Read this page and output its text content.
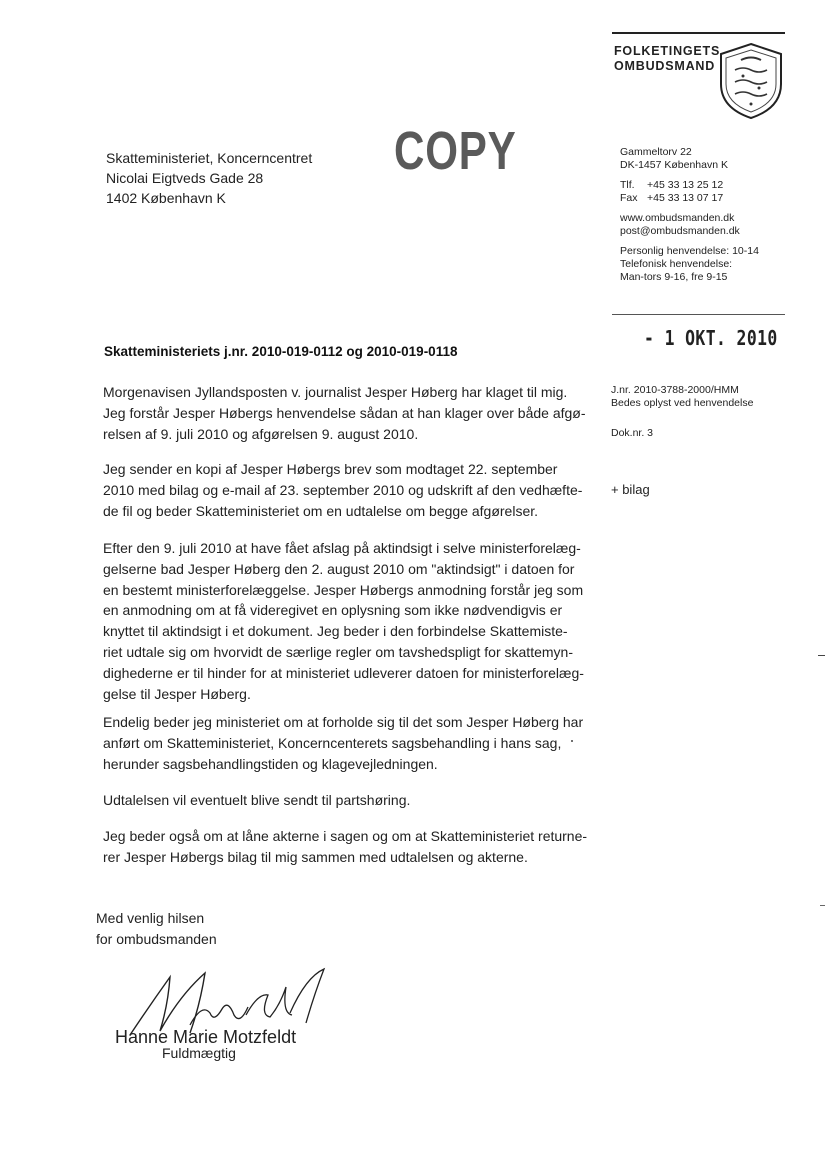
FOLKETINGETS
OMBUDSMAND
Gammeltorv 22
DK-1457 København K
Tlf. +45 33 13 25 12
Fax +45 33 13 07 17
www.ombudsmanden.dk
post@ombudsmanden.dk
Personlig henvendelse: 10-14
Telefonisk henvendelse:
Man-tors 9-16, fre 9-15
- 1 OKT. 2010
J.nr. 2010-3788-2000/HMM
Bedes oplyst ved henvendelse
Dok.nr. 3
+ bilag
Skatteministeriet, Koncerncentret
Nicolai Eigtveds Gade 28
1402 København K
COPY
Skatteministeriets j.nr. 2010-019-0112 og 2010-019-0118
Morgenavisen Jyllandsposten v. journalist Jesper Høberg har klaget til mig.
Jeg forstår Jesper Høbergs henvendelse sådan at han klager over både afgø-
relsen af 9. juli 2010 og afgørelsen 9. august 2010.
Jeg sender en kopi af Jesper Høbergs brev som modtaget 22. september
2010 med bilag og e-mail af 23. september 2010 og udskrift af den vedhæfte-
de fil og beder Skatteministeriet om en udtalelse om begge afgørelser.
Efter den 9. juli 2010 at have fået afslag på aktindsigt i selve ministerforelæg-
gelserne bad Jesper Høberg den 2. august 2010 om "aktindsigt" i datoen for
en bestemt ministerforelæggelse. Jesper Høbergs anmodning forstår jeg som
en anmodning om at få videregivet en oplysning som ikke nødvendigvis er
knyttet til aktindsigt i et dokument. Jeg beder i den forbindelse Skattemiste-
riet udtale sig om hvorvidt de særlige regler om tavshedspligt for skattemyn-
dighederne er til hinder for at ministeriet udleverer datoen for ministerforelæg-
gelse til Jesper Høberg.
Endelig beder jeg ministeriet om at forholde sig til det som Jesper Høberg har
anført om Skatteministeriet, Koncerncenterets sagsbehandling i hans sag,
herunder sagsbehandlingstiden og klagevejledningen.
Udtalelsen vil eventuelt blive sendt til partshøring.
Jeg beder også om at låne akterne i sagen og om at Skatteministeriet returne-
rer Jesper Høbergs bilag til mig sammen med udtalelsen og akterne.
Med venlig hilsen
for ombudsmanden
Hanne Marie Motzfeldt
Fuldmægtig
